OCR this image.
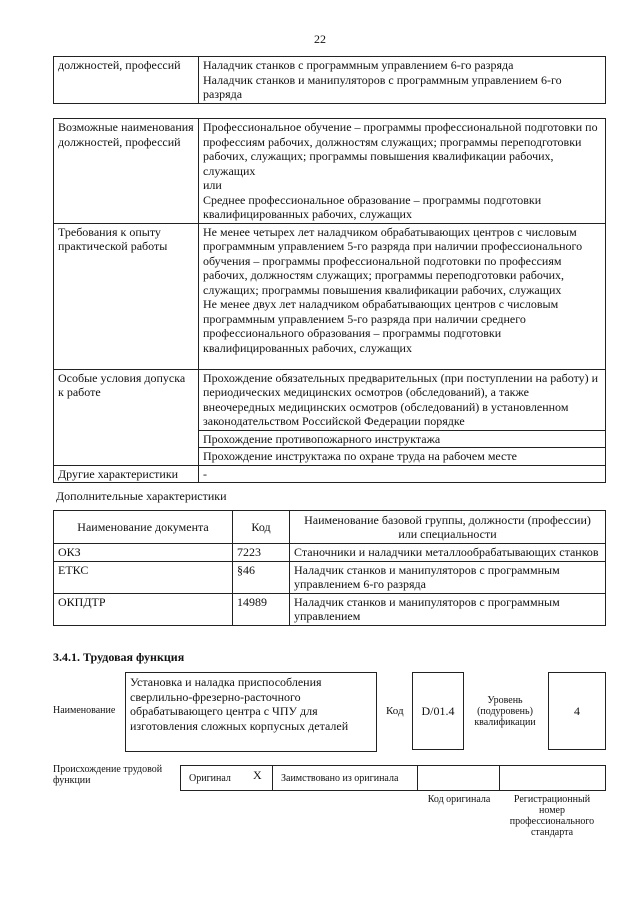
22
должностей, профессий	Наладчик станков с программным управлением 6-го разряда
Наладчик станков и манипуляторов с программным управлением 6-го разряда
Возможные наименования должностей, профессий	Профессиональное обучение – программы профессиональной подготовки по профессиям рабочих, должностям служащих; программы переподготовки рабочих, служащих; программы повышения квалификации рабочих, служащих
или
Среднее профессиональное образование – программы подготовки квалифицированных рабочих, служащих

Требования к опыту практической работы	Не менее четырех лет наладчиком обрабатывающих центров с числовым программным управлением 5-го разряда при наличии профессионального обучения – программы профессиональной подготовки по профессиям рабочих, должностям служащих; программы переподготовки рабочих, служащих; программы повышения квалификации рабочих, служащих
Не менее двух лет наладчиком обрабатывающих центров с числовым программным управлением 5-го разряда при наличии среднего профессионального образования – программы подготовки квалифицированных рабочих, служащих

Особые условия допуска к работе	Прохождение обязательных предварительных (при поступлении на работу) и периодических медицинских осмотров (обследований), а также внеочередных медицинских осмотров (обследований) в установленном законодательством Российской Федерации порядке
	Прохождение противопожарного инструктажа
	Прохождение инструктажа по охране труда на рабочем месте
Другие характеристики	-
Дополнительные характеристики
Наименование документа	Код	Наименование базовой группы, должности (профессии) или специальности
ОКЗ	7223	Станочники и наладчики металлообрабатывающих станков
ЕТКС	§46	Наладчик станков и манипуляторов с программным управлением 6-го разряда
ОКПДТР	14989	Наладчик станков и манипуляторов с программным управлением
3.4.1. Трудовая функция
Наименование
Установка и наладка приспособления сверлильно-фрезерно-расточного обрабатывающего центра с ЧПУ для изготовления сложных корпусных деталей
Код	D/01.4
Уровень (подуровень) квалификации
4
Происхождение трудовой функции	Оригинал X Заимствовано из оригинала
Код оригинала	Регистрационный номер профессионального стандарта
